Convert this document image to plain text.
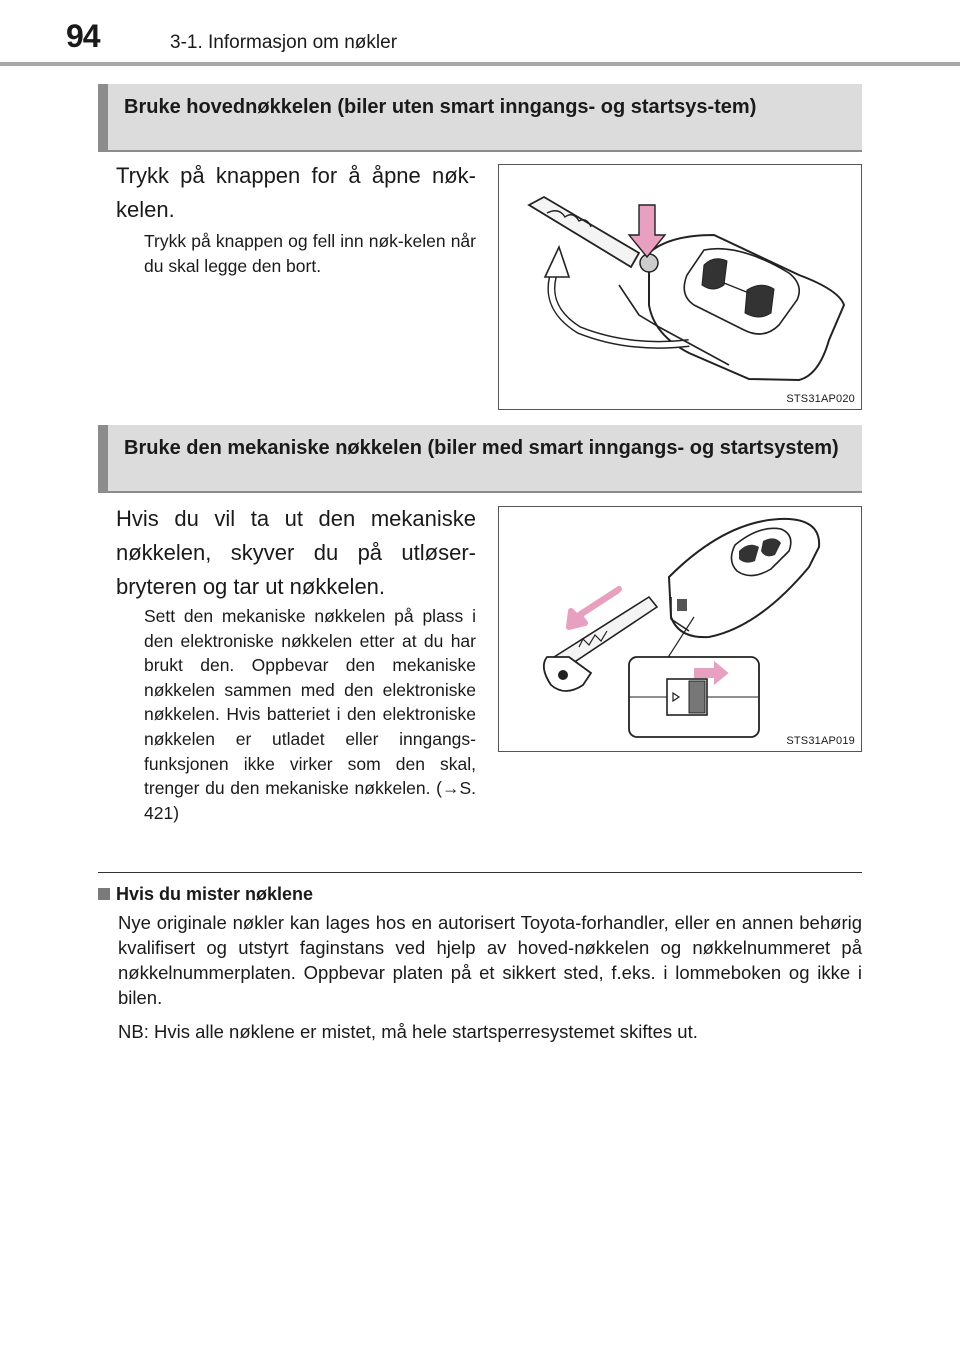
94	3-1. Informasjon om nøkler
Bruke hovednøkkelen (biler uten smart inngangs- og startsys-tem)
Trykk på knappen for å åpne nøk-kelen.
Trykk på knappen og fell inn nøk-kelen når du skal legge den bort.
STS31AP020
Bruke den mekaniske nøkkelen (biler med smart inngangs- og startsystem)
Hvis du vil ta ut den mekaniske nøkkelen, skyver du på utløser-bryteren og tar ut nøkkelen.
Sett den mekaniske nøkkelen på plass i den elektroniske nøkkelen etter at du har brukt den. Oppbevar den mekaniske nøkkelen sammen med den elektroniske nøkkelen. Hvis batteriet i den elektroniske nøkkelen er utladet eller inngangs-funksjonen ikke virker som den skal, trenger du den mekaniske nøkkelen. (→S. 421)
STS31AP019
Hvis du mister nøklene
Nye originale nøkler kan lages hos en autorisert Toyota-forhandler, eller en annen behørig kvalifisert og utstyrt faginstans ved hjelp av hoved-nøkkelen og nøkkelnummeret på nøkkelnummerplaten. Oppbevar platen på et sikkert sted, f.eks. i lommeboken og ikke i bilen.
NB: Hvis alle nøklene er mistet, må hele startsperresystemet skiftes ut.
